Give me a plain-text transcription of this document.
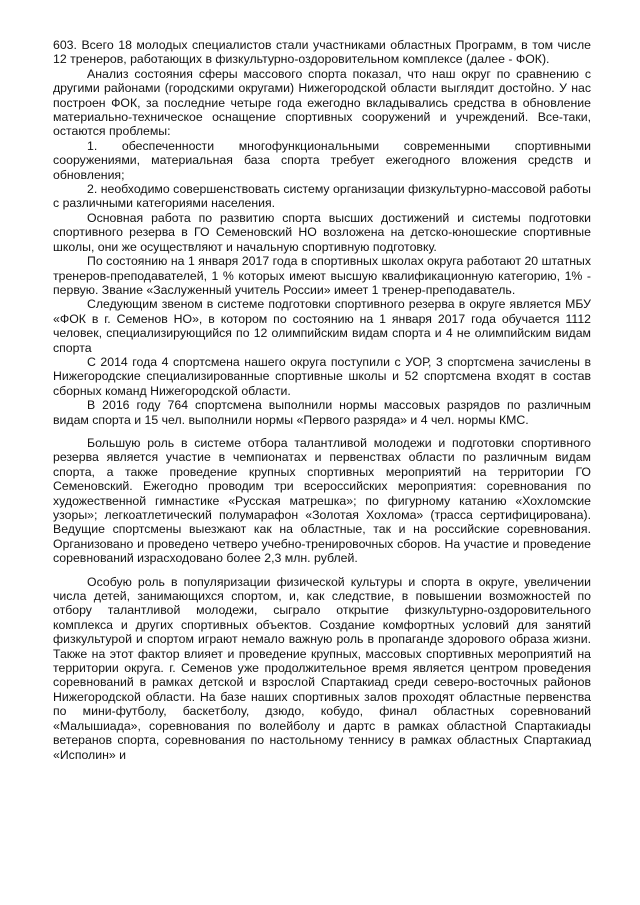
603. Всего 18 молодых специалистов стали участниками областных Программ, в том числе 12 тренеров, работающих в физкультурно-оздоровительном комплексе (далее - ФОК).

Анализ состояния сферы массового спорта показал, что наш округ по сравнению с другими районами (городскими округами) Нижегородской области выглядит достойно. У нас построен ФОК, за последние четыре года ежегодно вкладывались средства в обновление материально-техническое оснащение спортивных сооружений и учреждений. Все-таки, остаются проблемы:

1. обеспеченности многофункциональными современными спортивными сооружениями, материальная база спорта требует ежегодного вложения средств и обновления;

2. необходимо совершенствовать систему организации физкультурно-массовой работы с различными категориями населения.

Основная работа по развитию спорта высших достижений и системы подготовки спортивного резерва в ГО Семеновский НО возложена на детско-юношеские спортивные школы, они же осуществляют и начальную спортивную подготовку.

По состоянию на 1 января 2017 года в спортивных школах округа работают 20 штатных тренеров-преподавателей, 1 % которых имеют высшую квалификационную категорию, 1% - первую. Звание «Заслуженный учитель России» имеет 1 тренер-преподаватель.

Следующим звеном в системе подготовки спортивного резерва в округе является МБУ «ФОК в г. Семенов НО», в котором по состоянию на 1 января 2017 года обучается 1112 человек, специализирующийся по 12 олимпийским видам спорта и 4 не олимпийским видам спорта

С 2014 года 4 спортсмена нашего округа поступили с УОР, 3 спортсмена зачислены в Нижегородские специализированные спортивные школы и 52 спортсмена входят в состав сборных команд Нижегородской области.

В 2016 году 764 спортсмена выполнили нормы массовых разрядов по различным видам спорта и 15 чел. выполнили нормы «Первого разряда» и 4 чел. нормы КМС.

Большую роль в системе отбора талантливой молодежи и подготовки спортивного резерва является участие в чемпионатах и первенствах области по различным видам спорта, а также проведение крупных спортивных мероприятий на территории ГО Семеновский. Ежегодно проводим три всероссийских мероприятия: соревнования по художественной гимнастике «Русская матрешка»; по фигурному катанию «Хохломские узоры»; легкоатлетический полумарафон «Золотая Хохлома» (трасса сертифицирована). Ведущие спортсмены выезжают как на областные, так и на российские соревнования. Организовано и проведено четверо учебно-тренировочных сборов. На участие и проведение соревнований израсходовано более 2,3 млн. рублей.

Особую роль в популяризации физической культуры и спорта в округе, увеличении числа детей, занимающихся спортом, и, как следствие, в повышении возможностей по отбору талантливой молодежи, сыграло открытие физкультурно-оздоровительного комплекса и других спортивных объектов. Создание комфортных условий для занятий физкультурой и спортом играют немало важную роль в пропаганде здорового образа жизни. Также на этот фактор влияет и проведение крупных, массовых спортивных мероприятий на территории округа. г. Семенов уже продолжительное время является центром проведения соревнований в рамках детской и взрослой Спартакиад среди северо-восточных районов Нижегородской области. На базе наших спортивных залов проходят областные первенства по мини-футболу, баскетболу, дзюдо, кобудо, финал областных соревнований «Малышиада», соревнования по волейболу и дартс в рамках областной Спартакиады ветеранов спорта, соревнования по настольному теннису в рамках областных Спартакиад «Исполин» и
